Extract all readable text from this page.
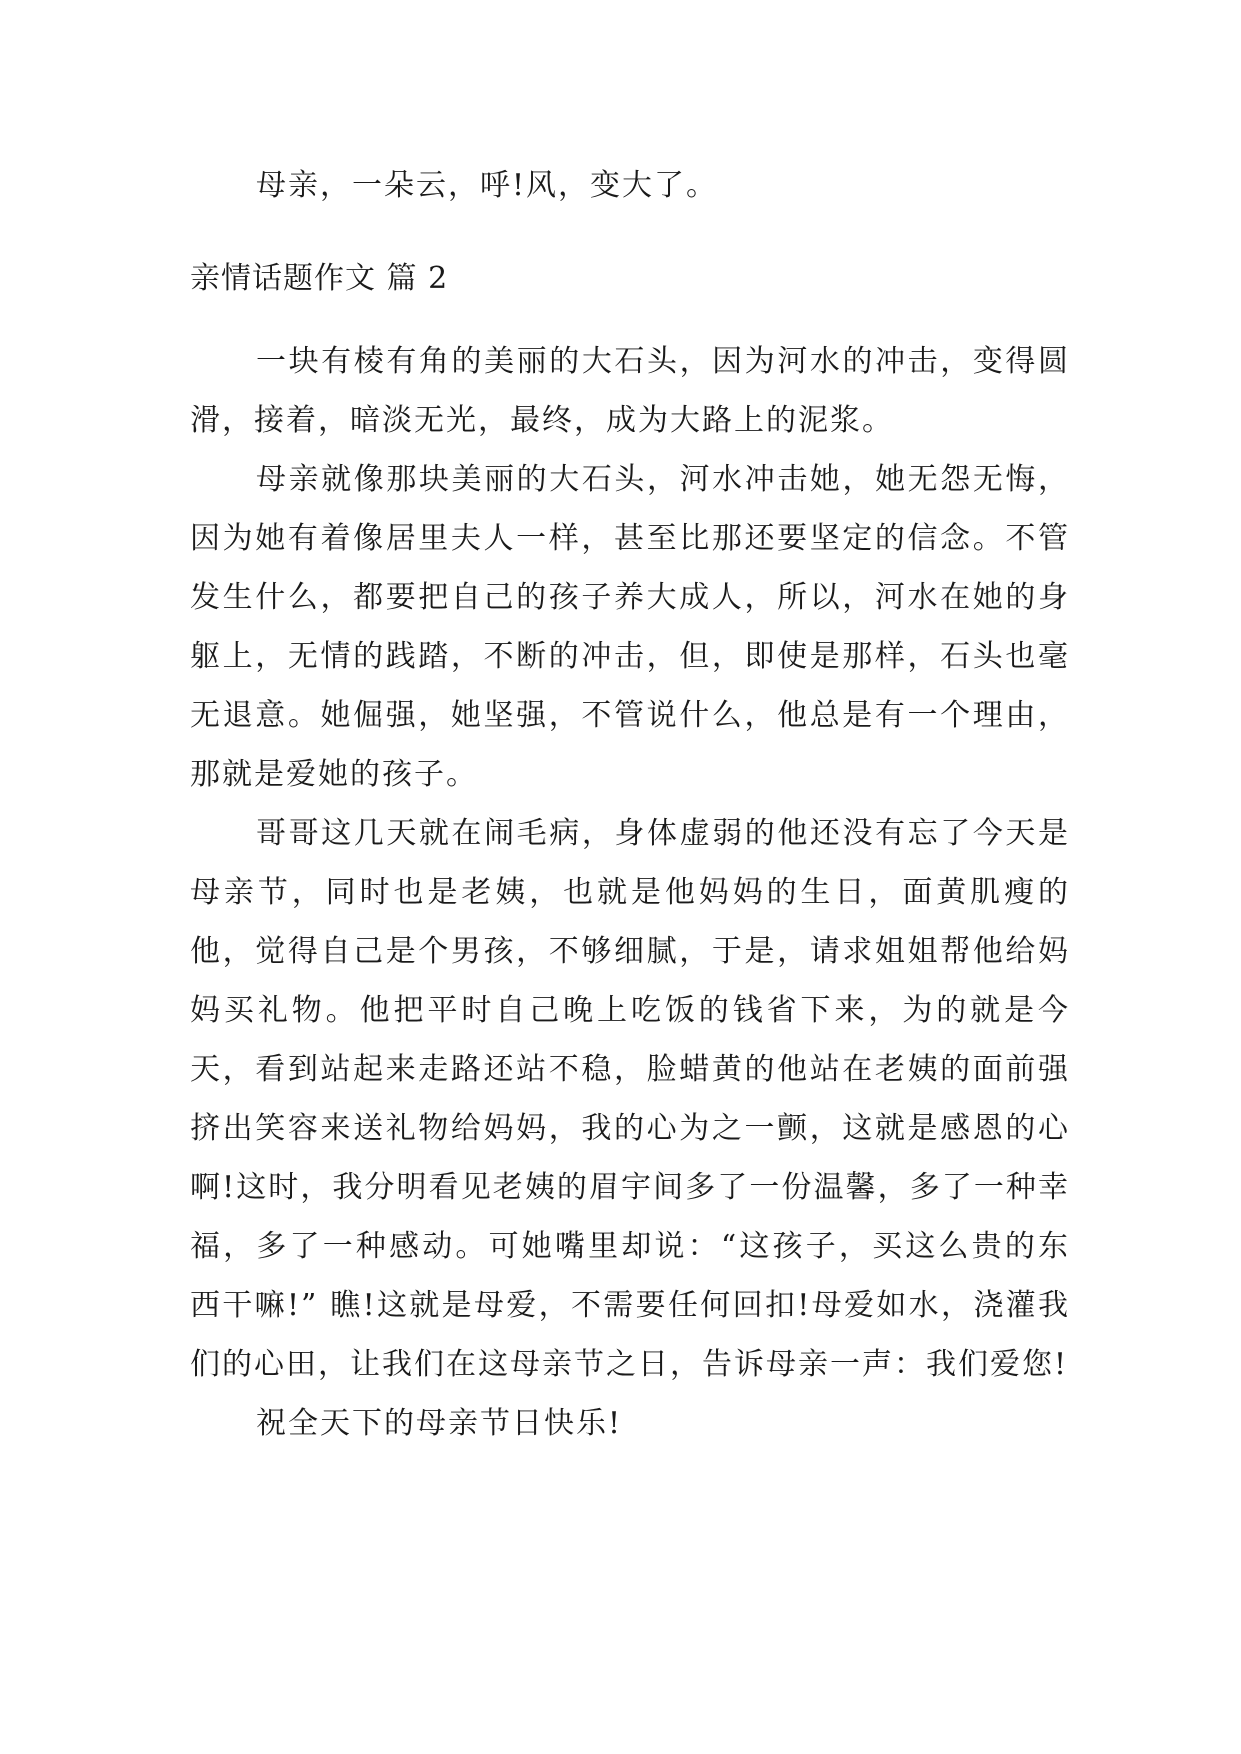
母亲，一朵云，呼!风，变大了。

亲情话题作文 篇 2

一块有棱有角的美丽的大石头，因为河水的冲击，变得圆滑，接着，暗淡无光，最终，成为大路上的泥浆。

母亲就像那块美丽的大石头，河水冲击她，她无怨无悔，因为她有着像居里夫人一样，甚至比那还要坚定的信念。不管发生什么，都要把自己的孩子养大成人，所以，河水在她的身躯上，无情的践踏，不断的冲击，但，即使是那样，石头也毫无退意。她倔强，她坚强，不管说什么，他总是有一个理由，那就是爱她的孩子。

哥哥这几天就在闹毛病，身体虚弱的他还没有忘了今天是母亲节，同时也是老姨，也就是他妈妈的生日，面黄肌瘦的他，觉得自己是个男孩，不够细腻，于是，请求姐姐帮他给妈妈买礼物。他把平时自己晚上吃饭的钱省下来，为的就是今天，看到站起来走路还站不稳，脸蜡黄的他站在老姨的面前强挤出笑容来送礼物给妈妈，我的心为之一颤，这就是感恩的心啊!这时，我分明看见老姨的眉宇间多了一份温馨，多了一种幸福，多了一种感动。可她嘴里却说：“这孩子，买这么贵的东西干嘛!” 瞧!这就是母爱，不需要任何回扣!母爱如水，浇灌我们的心田，让我们在这母亲节之日，告诉母亲一声：我们爱您!

祝全天下的母亲节日快乐!
